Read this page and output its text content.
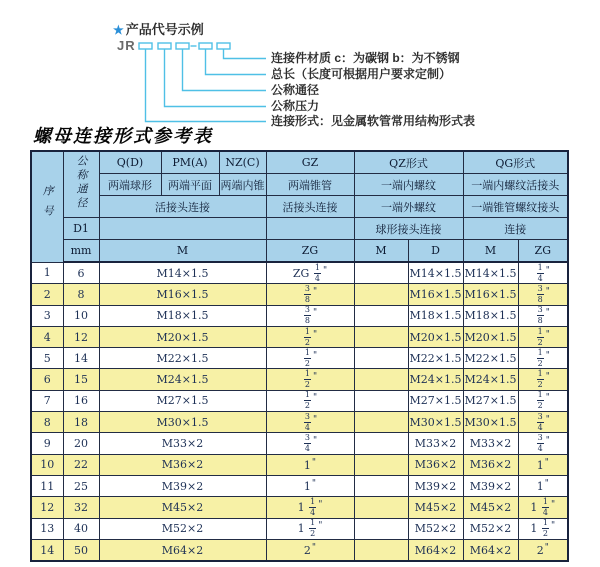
★ 产品代号示例
JR
连接件材质 c：为碳钢 b：为不锈钢
总长（长度可根据用户要求定制）
公称通径
公称压力
连接形式：见金属软管常用结构形式表
螺母连接形式参考表
序号	公称通径	Q(D)	PM(A)	NZ(C)	GZ	QZ形式		QG形式	
		两端球形	两端平面	两端内锥	两端锥管	一端内螺纹		一端内螺纹活接头	
		活接头连接			活接头连接	一端外螺纹		一端锥管螺纹接头	
	D1					球形接头连接		连接	
	mm	M			ZG	M	D	M	ZG
1	6	M14×1.5			ZG $\frac{1}{4} ^"$		M14×1.5	M14×1.5	$\frac{1}{4} ^"$
2	8	M16×1.5			$\frac{3}{8} ^"$		M16×1.5	M16×1.5	$\frac{3}{8} ^"$
3	10	M18×1.5			$\frac{3}{8} ^"$		M18×1.5	M18×1.5	$\frac{3}{8} ^"$
4	12	M20×1.5			$\frac{1}{2} ^"$		M20×1.5	M20×1.5	$\frac{1}{2} ^"$
5	14	M22×1.5			$\frac{1}{2} ^"$		M22×1.5	M22×1.5	$\frac{1}{2} ^"$
6	15	M24×1.5			$\frac{1}{2} ^"$		M24×1.5	M24×1.5	$\frac{1}{2} ^"$
7	16	M27×1.5			$\frac{1}{2} ^"$		M27×1.5	M27×1.5	$\frac{1}{2} ^"$
8	18	M30×1.5			$\frac{3}{4} ^"$		M30×1.5	M30×1.5	$\frac{3}{4} ^"$
9	20	M33×2			$\frac{3}{4} ^"$		M33×2	M33×2	$\frac{3}{4} ^"$
10	22	M36×2			1"		M36×2	M36×2	1"
11	25	M39×2			1"		M39×2	M39×2	1"
12	32	M45×2			$1 \frac{1}{4} ^"$		M45×2	M45×2	$1 \frac{1}{4} ^"$
13	40	M52×2			$1 \frac{1}{2} ^"$		M52×2	M52×2	$1 \frac{1}{2} ^"$
14	50	M64×2			2"		M64×2	M64×2	2"
